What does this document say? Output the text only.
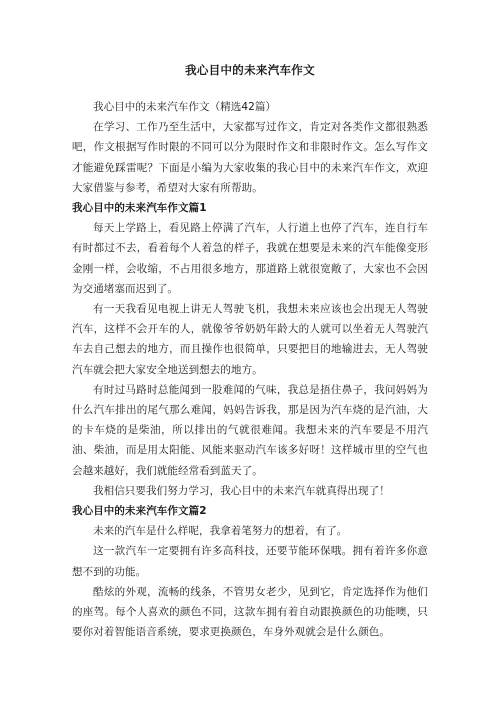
我心目中的未来汽车作文

我心目中的未来汽车作文（精选42篇）

在学习、工作乃至生活中，大家都写过作文，肯定对各类作文都很熟悉吧，作文根据写作时限的不同可以分为限时作文和非限时作文。怎么写作文才能避免踩雷呢？下面是小编为大家收集的我心目中的未来汽车作文，欢迎大家借鉴与参考，希望对大家有所帮助。

我心目中的未来汽车作文篇1

每天上学路上，看见路上停满了汽车，人行道上也停了汽车，连自行车有时都过不去，看着每个人着急的样子，我就在想要是未来的汽车能像变形金刚一样，会收缩，不占用很多地方，那道路上就很宽敞了，大家也不会因为交通堵塞而迟到了。

有一天我看见电视上讲无人驾驶飞机，我想未来应该也会出现无人驾驶汽车，这样不会开车的人，就像爷爷奶奶年龄大的人就可以坐着无人驾驶汽车去自己想去的地方，而且操作也很简单，只要把目的地输进去，无人驾驶汽车就会把大家安全地送到想去的地方。

有时过马路时总能闻到一股难闻的气味，我总是捂住鼻子，我问妈妈为什么汽车排出的尾气那么难闻，妈妈告诉我，那是因为汽车烧的是汽油，大的卡车烧的是柴油，所以排出的气就很难闻。我想未来的汽车要是不用汽油、柴油，而是用太阳能、风能来驱动汽车该多好呀！这样城市里的空气也会越来越好，我们就能经常看到蓝天了。

我相信只要我们努力学习，我心目中的未来汽车就真得出现了！

我心目中的未来汽车作文篇2

未来的汽车是什么样呢，我拿着笔努力的想着，有了。

这一款汽车一定要拥有许多高科技，还要节能环保哦。拥有着许多你意想不到的功能。

酷炫的外观，流畅的线条，不管男女老少，见到它，肯定选择作为他们的座驾。每个人喜欢的颜色不同，这款车拥有着自动跟换颜色的功能噢，只要你对着智能语音系统，要求更换颜色，车身外观就会是什么颜色。
